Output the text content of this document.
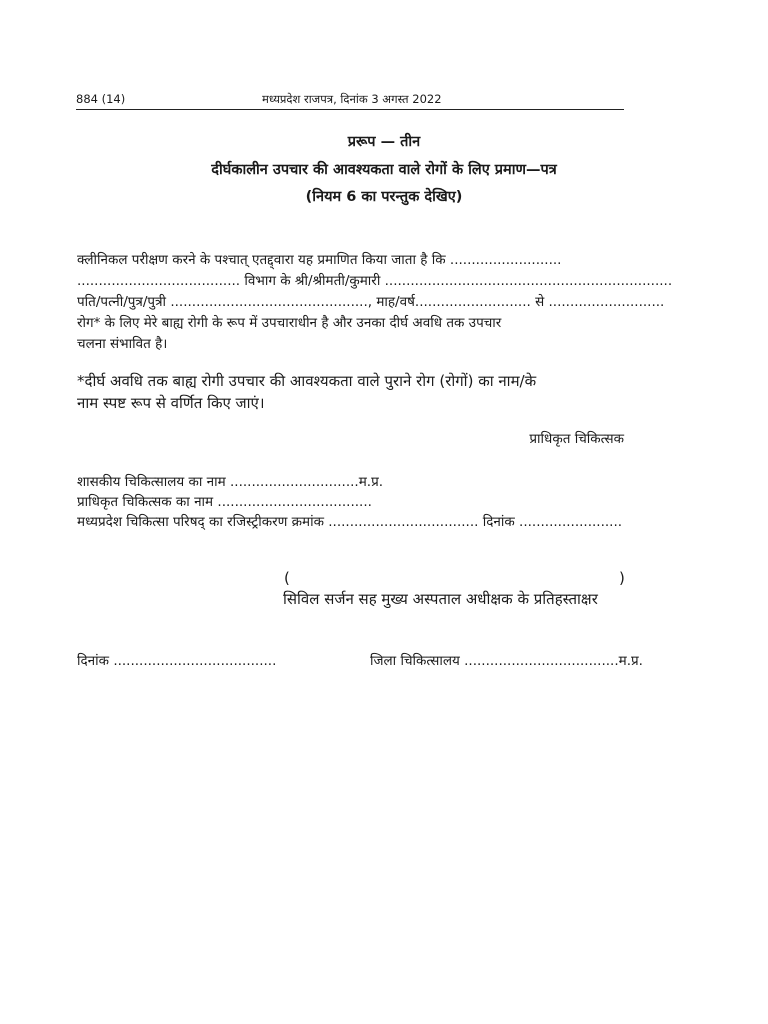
884 (14)	मध्यप्रदेश राजपत्र, दिनांक 3 अगस्त 2022
प्ररूप — तीन
दीर्घकालीन उपचार की आवश्यकता वाले रोगों के लिए प्रमाण—पत्र
(नियम 6 का परन्तुक देखिए)
क्लीनिकल परीक्षण करने के पश्चात् एतद्द्वारा यह प्रमाणित किया जाता है कि ..........................
...................................... विभाग के श्री/श्रीमती/कुमारी ...................................................................
पति/पत्नी/पुत्र/पुत्री .............................................., माह/वर्ष........................... से ...........................
रोग* के लिए मेरे बाह्य रोगी के रूप में उपचाराधीन है और उनका दीर्घ अवधि तक उपचार
चलना संभावित है।
*दीर्घ अवधि तक बाह्य रोगी उपचार की आवश्यकता वाले पुराने रोग (रोगों) का नाम/के
नाम स्पष्ट रूप से वर्णित किए जाएं।
प्राधिकृत चिकित्सक
शासकीय चिकित्सालय का नाम ..............................म.प्र.
प्राधिकृत चिकित्सक का नाम ....................................
मध्यप्रदेश चिकित्सा परिषद् का रजिस्ट्रीकरण क्रमांक ................................... दिनांक ........................
(	)
सिविल सर्जन सह मुख्य अस्पताल अधीक्षक के प्रतिहस्ताक्षर
दिनांक ......................................	जिला चिकित्सालय ....................................म.प्र.
